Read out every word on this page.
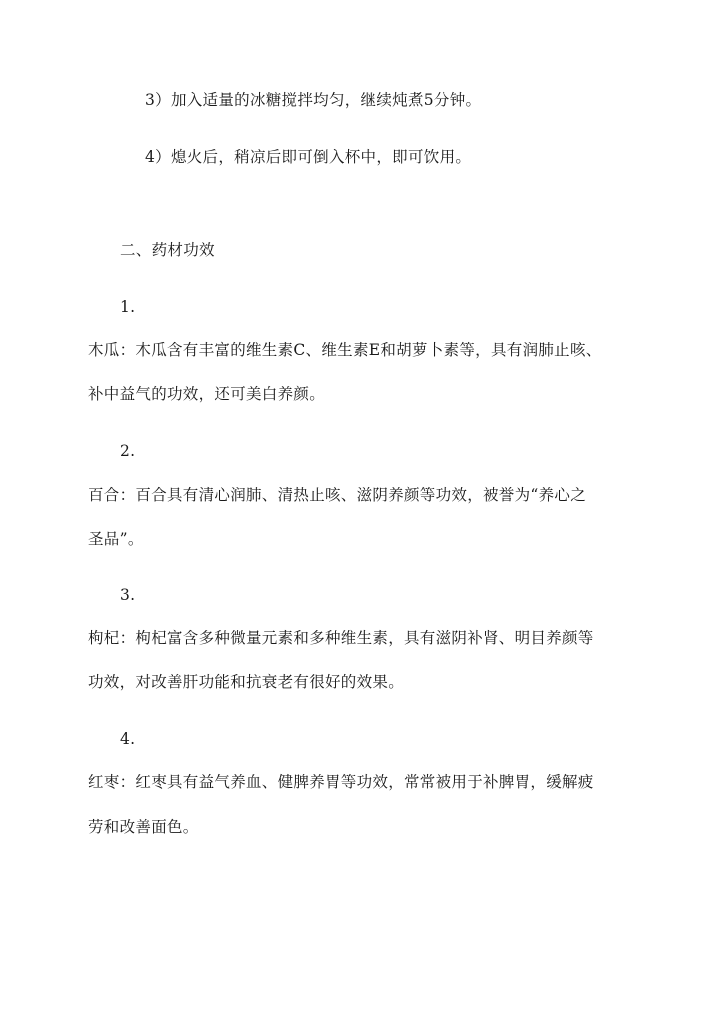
3）加入适量的冰糖搅拌均匀，继续炖煮5分钟。
4）熄火后，稍凉后即可倒入杯中，即可饮用。
二、药材功效
1.
木瓜：木瓜含有丰富的维生素C、维生素E和胡萝卜素等，具有润肺止咳、
补中益气的功效，还可美白养颜。
2.
百合：百合具有清心润肺、清热止咳、滋阴养颜等功效，被誉为“养心之
圣品”。
3.
枸杞：枸杞富含多种微量元素和多种维生素，具有滋阴补肾、明目养颜等
功效，对改善肝功能和抗衰老有很好的效果。
4.
红枣：红枣具有益气养血、健脾养胃等功效，常常被用于补脾胃，缓解疲
劳和改善面色。
